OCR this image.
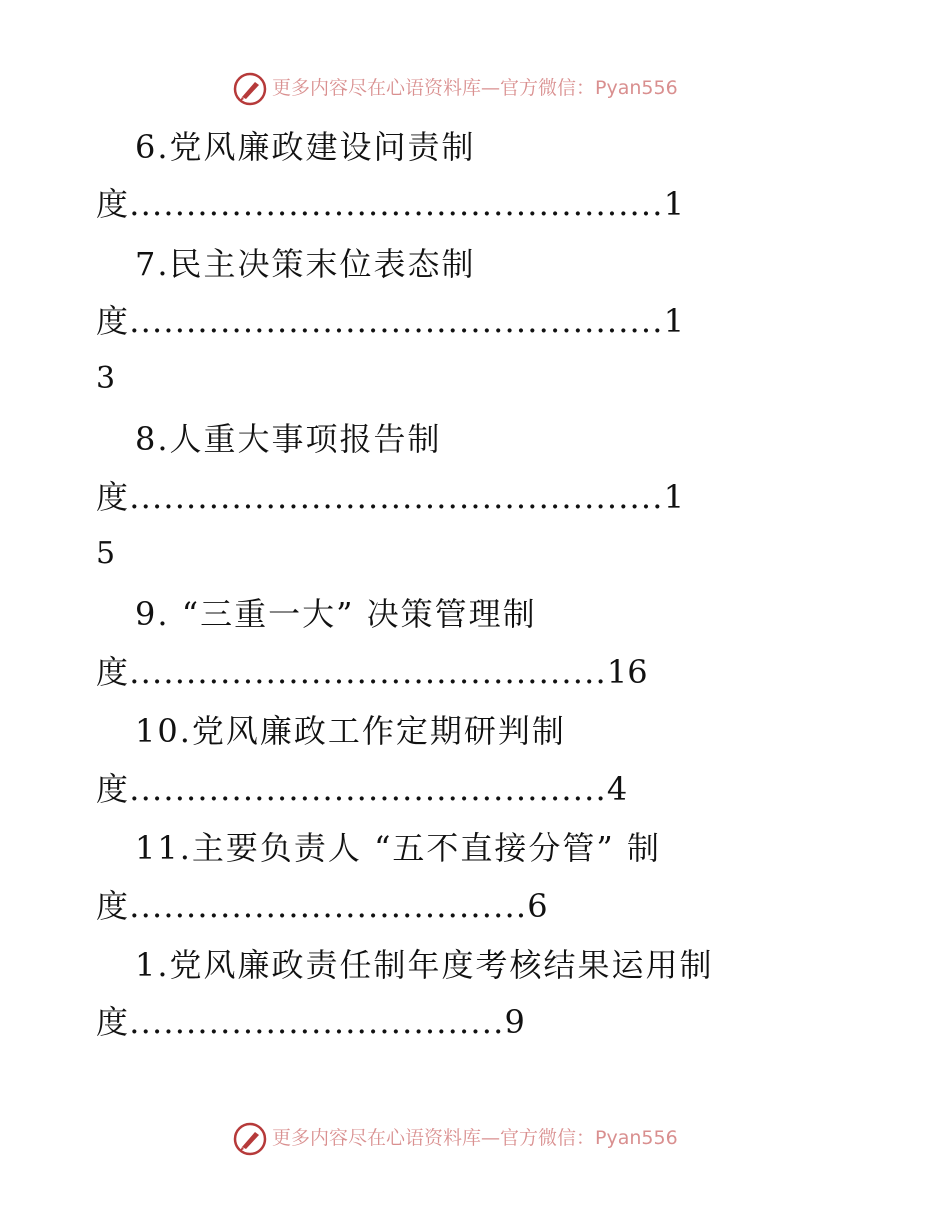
更多内容尽在心语资料库—官方微信：Pyan556
6.党风廉政建设问责制
度...............................................1
7.民主决策末位表态制
度...............................................1
3
8.人重大事项报告制
度...............................................1
5
9. “三重一大” 决策管理制
度..........................................16
10.党风廉政工作定期研判制
度..........................................4
11.主要负责人 “五不直接分管” 制
度...................................6
1.党风廉政责任制年度考核结果运用制
度.................................9
更多内容尽在心语资料库—官方微信：Pyan556
